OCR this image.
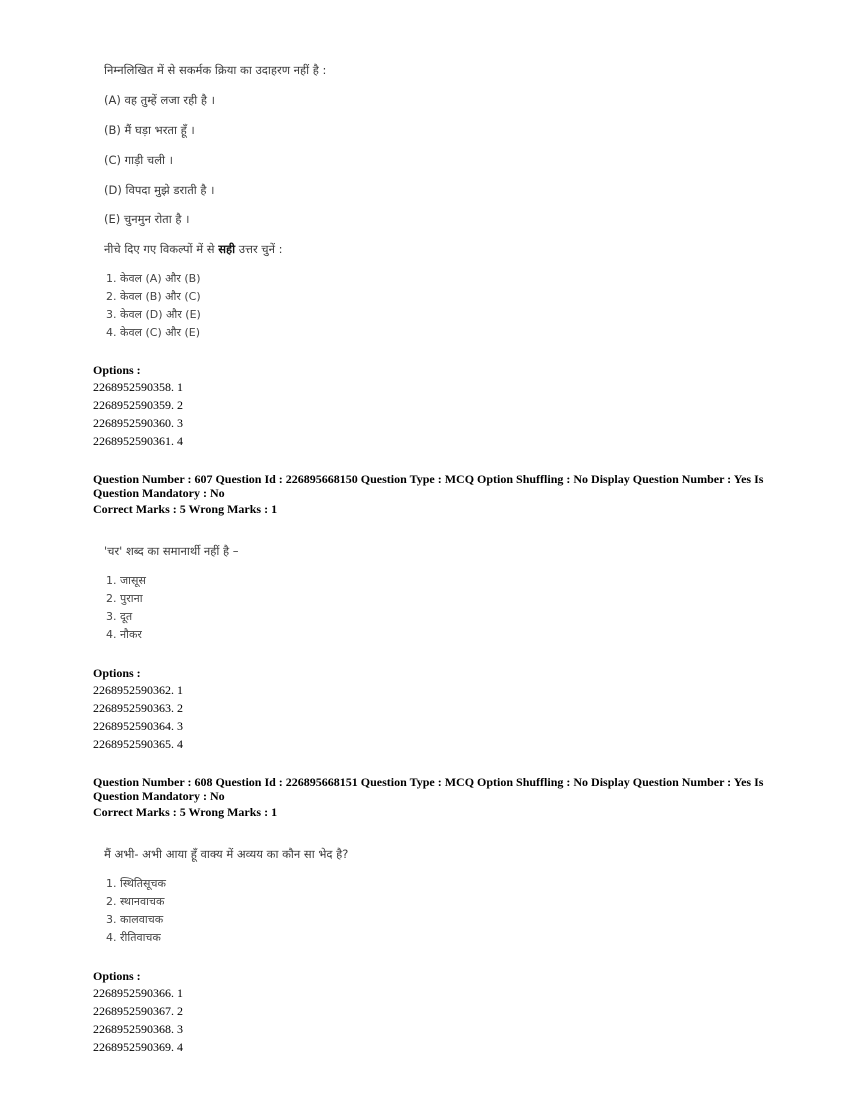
निम्नलिखित में से सकर्मक क्रिया का उदाहरण नहीं है :
(A) वह तुम्हें लजा रही है ।
(B) मैं घड़ा भरता हूँ ।
(C) गाड़ी चली ।
(D) विपदा मुझे डराती है ।
(E) चुनमुन रोता है ।
नीचे दिए गए विकल्पों में से सही उत्तर चुनें :
1. केवल (A) और (B)
2. केवल (B) और (C)
3. केवल (D) और (E)
4. केवल (C) और (E)
Options :
2268952590358. 1
2268952590359. 2
2268952590360. 3
2268952590361. 4
Question Number : 607 Question Id : 226895668150 Question Type : MCQ Option Shuffling : No Display Question Number : Yes Is
Question Mandatory : No
Correct Marks : 5 Wrong Marks : 1
'चर' शब्द का समानार्थी नहीं है –
1. जासूस
2. पुराना
3. दूत
4. नौकर
Options :
2268952590362. 1
2268952590363. 2
2268952590364. 3
2268952590365. 4
Question Number : 608 Question Id : 226895668151 Question Type : MCQ Option Shuffling : No Display Question Number : Yes Is
Question Mandatory : No
Correct Marks : 5 Wrong Marks : 1
मैं अभी- अभी आया हूँ वाक्य में अव्यय का कौन सा भेद है?
1. स्थितिसूचक
2. स्थानवाचक
3. कालवाचक
4. रीतिवाचक
Options :
2268952590366. 1
2268952590367. 2
2268952590368. 3
2268952590369. 4
